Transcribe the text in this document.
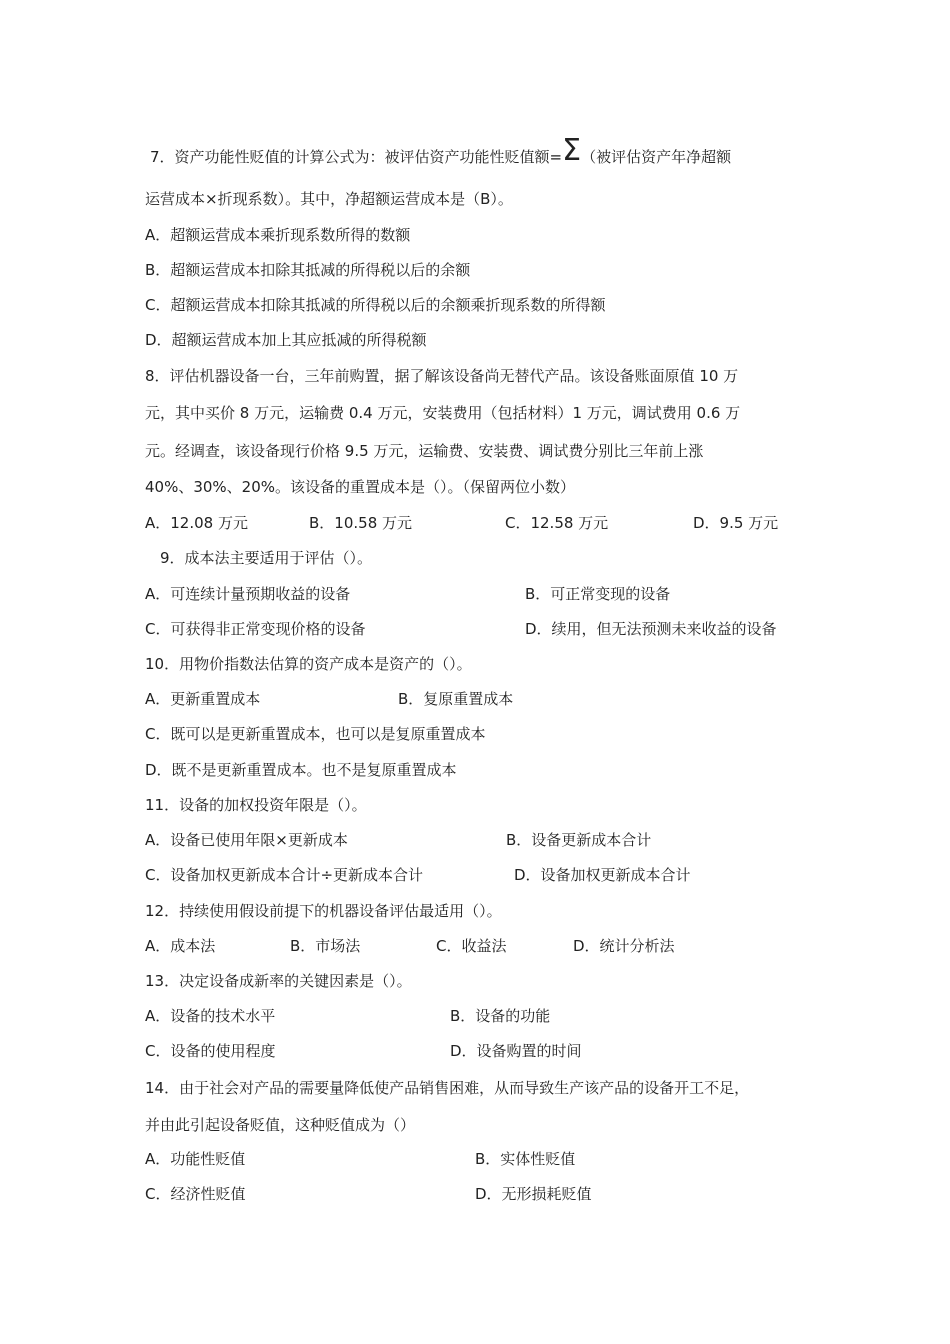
7．资产功能性贬值的计算公式为：被评估资产功能性贬值额=Σ（被评估资产年净超额
运营成本×折现系数）。其中，净超额运营成本是（B）。
A．超额运营成本乘折现系数所得的数额
B．超额运营成本扣除其抵减的所得税以后的余额
C．超额运营成本扣除其抵减的所得税以后的余额乘折现系数的所得额
D．超额运营成本加上其应抵减的所得税额
8．评估机器设备一台，三年前购置，据了解该设备尚无替代产品。该设备账面原值 10 万
元，其中买价 8 万元，运输费 0.4 万元，安装费用（包括材料）1 万元，调试费用 0.6 万
元。经调查，该设备现行价格 9.5 万元，运输费、安装费、调试费分别比三年前上涨
40%、30%、20%。该设备的重置成本是（）。（保留两位小数）
A．12.08 万元	B．10.58 万元	C．12.58 万元	D．9.5 万元
9．成本法主要适用于评估（）。
A．可连续计量预期收益的设备	B．可正常变现的设备
C．可获得非正常变现价格的设备	D．续用，但无法预测未来收益的设备
10．用物价指数法估算的资产成本是资产的（）。
A．更新重置成本	B．复原重置成本
C．既可以是更新重置成本，也可以是复原重置成本
D．既不是更新重置成本。也不是复原重置成本
11．设备的加权投资年限是（）。
A．设备已使用年限×更新成本	B．设备更新成本合计
C．设备加权更新成本合计÷更新成本合计	D．设备加权更新成本合计
12．持续使用假设前提下的机器设备评估最适用（）。
A．成本法	B．市场法	C．收益法	D．统计分析法
13．决定设备成新率的关键因素是（）。
A．设备的技术水平	B．设备的功能
C．设备的使用程度	D．设备购置的时间
14．由于社会对产品的需要量降低使产品销售困难，从而导致生产该产品的设备开工不足，
并由此引起设备贬值，这种贬值成为（）
A．功能性贬值	B．实体性贬值
C．经济性贬值	D．无形损耗贬值
